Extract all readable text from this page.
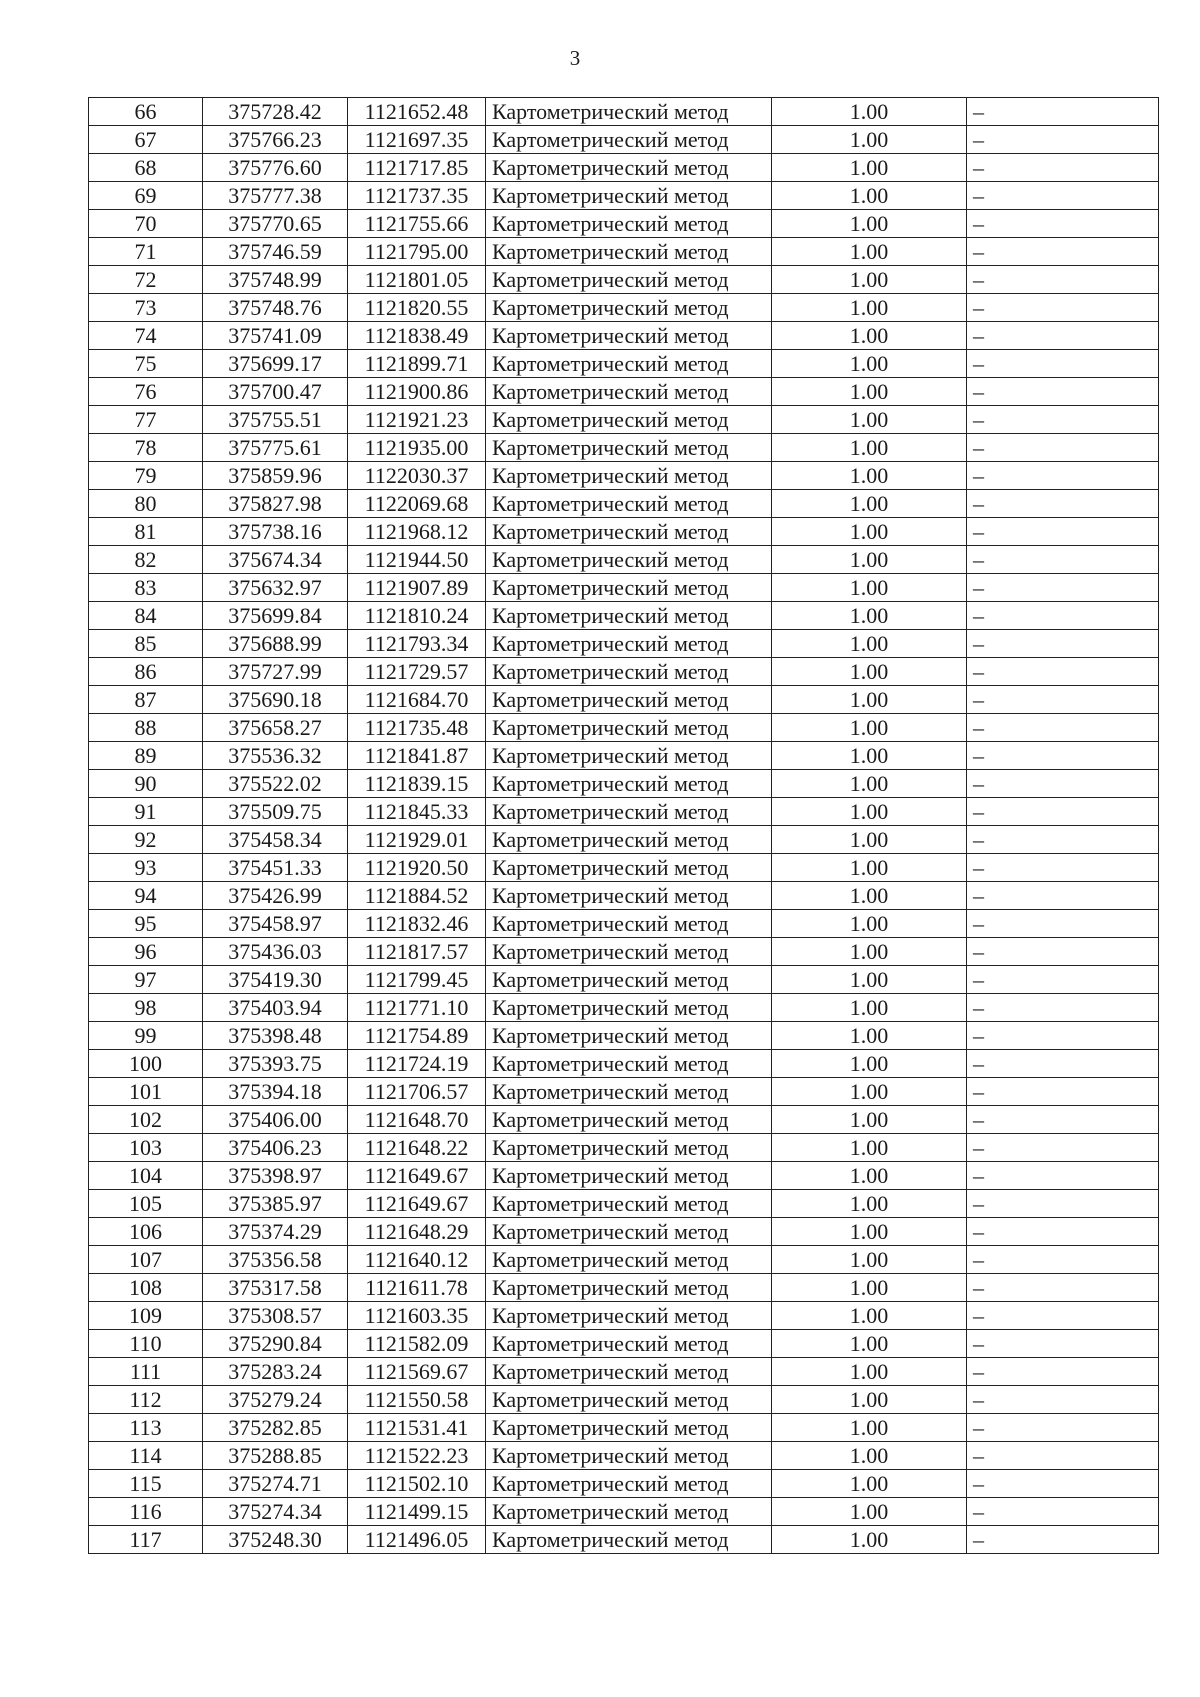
3
66	375728.42	1121652.48	Картометрический метод	1.00	–
67	375766.23	1121697.35	Картометрический метод	1.00	–
68	375776.60	1121717.85	Картометрический метод	1.00	–
69	375777.38	1121737.35	Картометрический метод	1.00	–
70	375770.65	1121755.66	Картометрический метод	1.00	–
71	375746.59	1121795.00	Картометрический метод	1.00	–
72	375748.99	1121801.05	Картометрический метод	1.00	–
73	375748.76	1121820.55	Картометрический метод	1.00	–
74	375741.09	1121838.49	Картометрический метод	1.00	–
75	375699.17	1121899.71	Картометрический метод	1.00	–
76	375700.47	1121900.86	Картометрический метод	1.00	–
77	375755.51	1121921.23	Картометрический метод	1.00	–
78	375775.61	1121935.00	Картометрический метод	1.00	–
79	375859.96	1122030.37	Картометрический метод	1.00	–
80	375827.98	1122069.68	Картометрический метод	1.00	–
81	375738.16	1121968.12	Картометрический метод	1.00	–
82	375674.34	1121944.50	Картометрический метод	1.00	–
83	375632.97	1121907.89	Картометрический метод	1.00	–
84	375699.84	1121810.24	Картометрический метод	1.00	–
85	375688.99	1121793.34	Картометрический метод	1.00	–
86	375727.99	1121729.57	Картометрический метод	1.00	–
87	375690.18	1121684.70	Картометрический метод	1.00	–
88	375658.27	1121735.48	Картометрический метод	1.00	–
89	375536.32	1121841.87	Картометрический метод	1.00	–
90	375522.02	1121839.15	Картометрический метод	1.00	–
91	375509.75	1121845.33	Картометрический метод	1.00	–
92	375458.34	1121929.01	Картометрический метод	1.00	–
93	375451.33	1121920.50	Картометрический метод	1.00	–
94	375426.99	1121884.52	Картометрический метод	1.00	–
95	375458.97	1121832.46	Картометрический метод	1.00	–
96	375436.03	1121817.57	Картометрический метод	1.00	–
97	375419.30	1121799.45	Картометрический метод	1.00	–
98	375403.94	1121771.10	Картометрический метод	1.00	–
99	375398.48	1121754.89	Картометрический метод	1.00	–
100	375393.75	1121724.19	Картометрический метод	1.00	–
101	375394.18	1121706.57	Картометрический метод	1.00	–
102	375406.00	1121648.70	Картометрический метод	1.00	–
103	375406.23	1121648.22	Картометрический метод	1.00	–
104	375398.97	1121649.67	Картометрический метод	1.00	–
105	375385.97	1121649.67	Картометрический метод	1.00	–
106	375374.29	1121648.29	Картометрический метод	1.00	–
107	375356.58	1121640.12	Картометрический метод	1.00	–
108	375317.58	1121611.78	Картометрический метод	1.00	–
109	375308.57	1121603.35	Картометрический метод	1.00	–
110	375290.84	1121582.09	Картометрический метод	1.00	–
111	375283.24	1121569.67	Картометрический метод	1.00	–
112	375279.24	1121550.58	Картометрический метод	1.00	–
113	375282.85	1121531.41	Картометрический метод	1.00	–
114	375288.85	1121522.23	Картометрический метод	1.00	–
115	375274.71	1121502.10	Картометрический метод	1.00	–
116	375274.34	1121499.15	Картометрический метод	1.00	–
117	375248.30	1121496.05	Картометрический метод	1.00	–
